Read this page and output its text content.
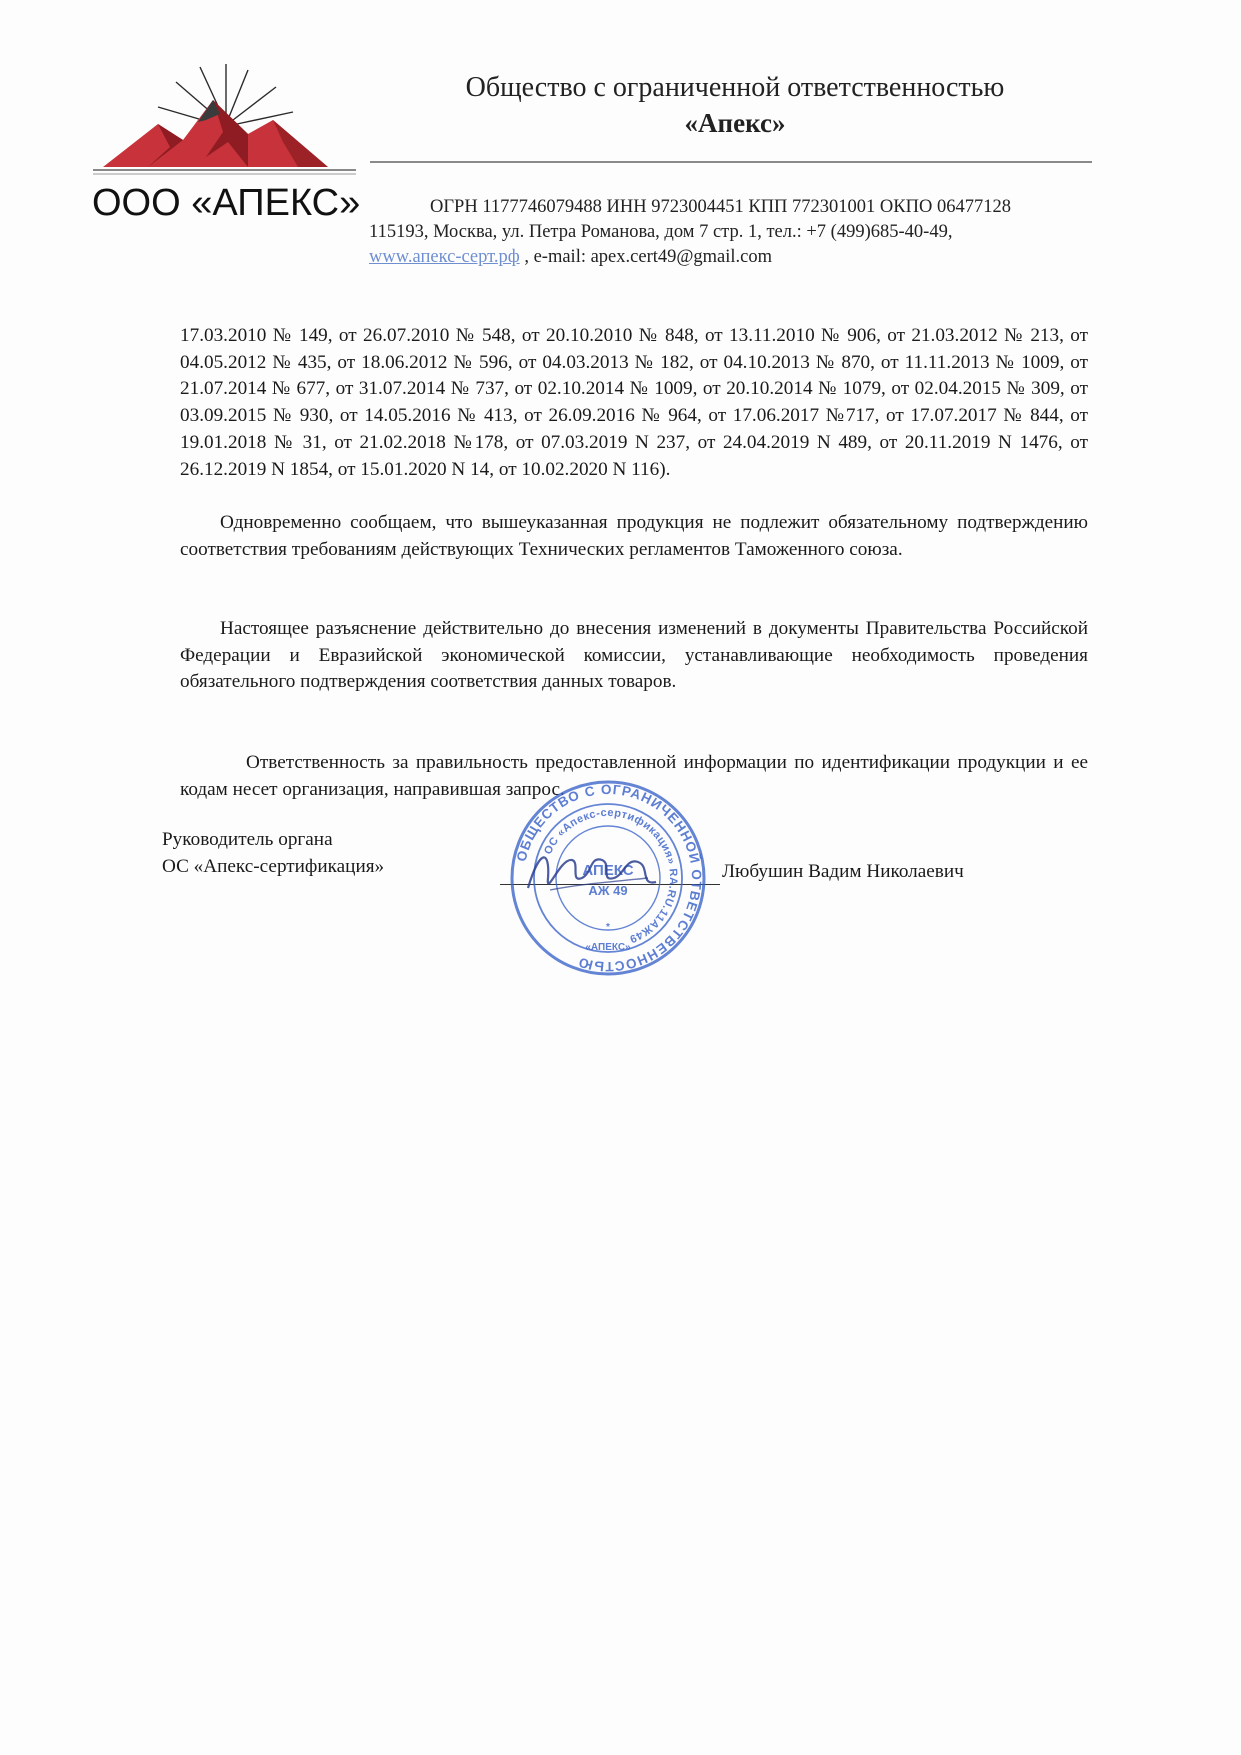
ООО «АПЕКС»
Общество с ограниченной ответственностью
«Апекс»
ОГРН 1177746079488 ИНН 9723004451 КПП 772301001 ОКПО 06477128
115193, Москва, ул. Петра Романова, дом 7 стр. 1, тел.: +7 (499)685-40-49,
www.апекс-серт.рф , e-mail: apex.cert49@gmail.com
17.03.2010 № 149, от 26.07.2010 № 548, от 20.10.2010 № 848, от 13.11.2010 № 906, от 21.03.2012 № 213, от 04.05.2012 № 435, от 18.06.2012 № 596, от 04.03.2013 № 182, от 04.10.2013 № 870, от 11.11.2013 № 1009, от 21.07.2014 № 677, от 31.07.2014 № 737, от 02.10.2014 № 1009, от 20.10.2014 № 1079, от 02.04.2015 № 309, от 03.09.2015 № 930, от 14.05.2016 № 413, от 26.09.2016 № 964, от 17.06.2017 №717, от 17.07.2017 № 844, от 19.01.2018 № 31, от 21.02.2018 №178, от 07.03.2019 N 237, от 24.04.2019 N 489, от 20.11.2019 N 1476, от 26.12.2019 N 1854, от 15.01.2020 N 14, от 10.02.2020 N 116).
Одновременно сообщаем, что вышеуказанная продукция не подлежит обязательному подтверждению соответствия требованиям действующих Технических регламентов Таможенного союза.
Настоящее разъяснение действительно до внесения изменений в документы Правительства Российской Федерации и Евразийской экономической комиссии, устанавливающие необходимость проведения обязательного подтверждения соответствия данных товаров.
Ответственность за правильность предоставленной информации по идентификации продукции и ее кодам несет организация, направившая запрос.
Руководитель органа
ОС «Апекс-сертификация»	Любушин Вадим Николаевич
ОБЩЕСТВО С ОГРАНИЧЕННОЙ ОТВЕТСТВЕННОСТЬЮ
ОС «Апекс-сертификация» RA.RU.11АЖ49
АПЕКС
АЖ 49
«АПЕКС»
*
